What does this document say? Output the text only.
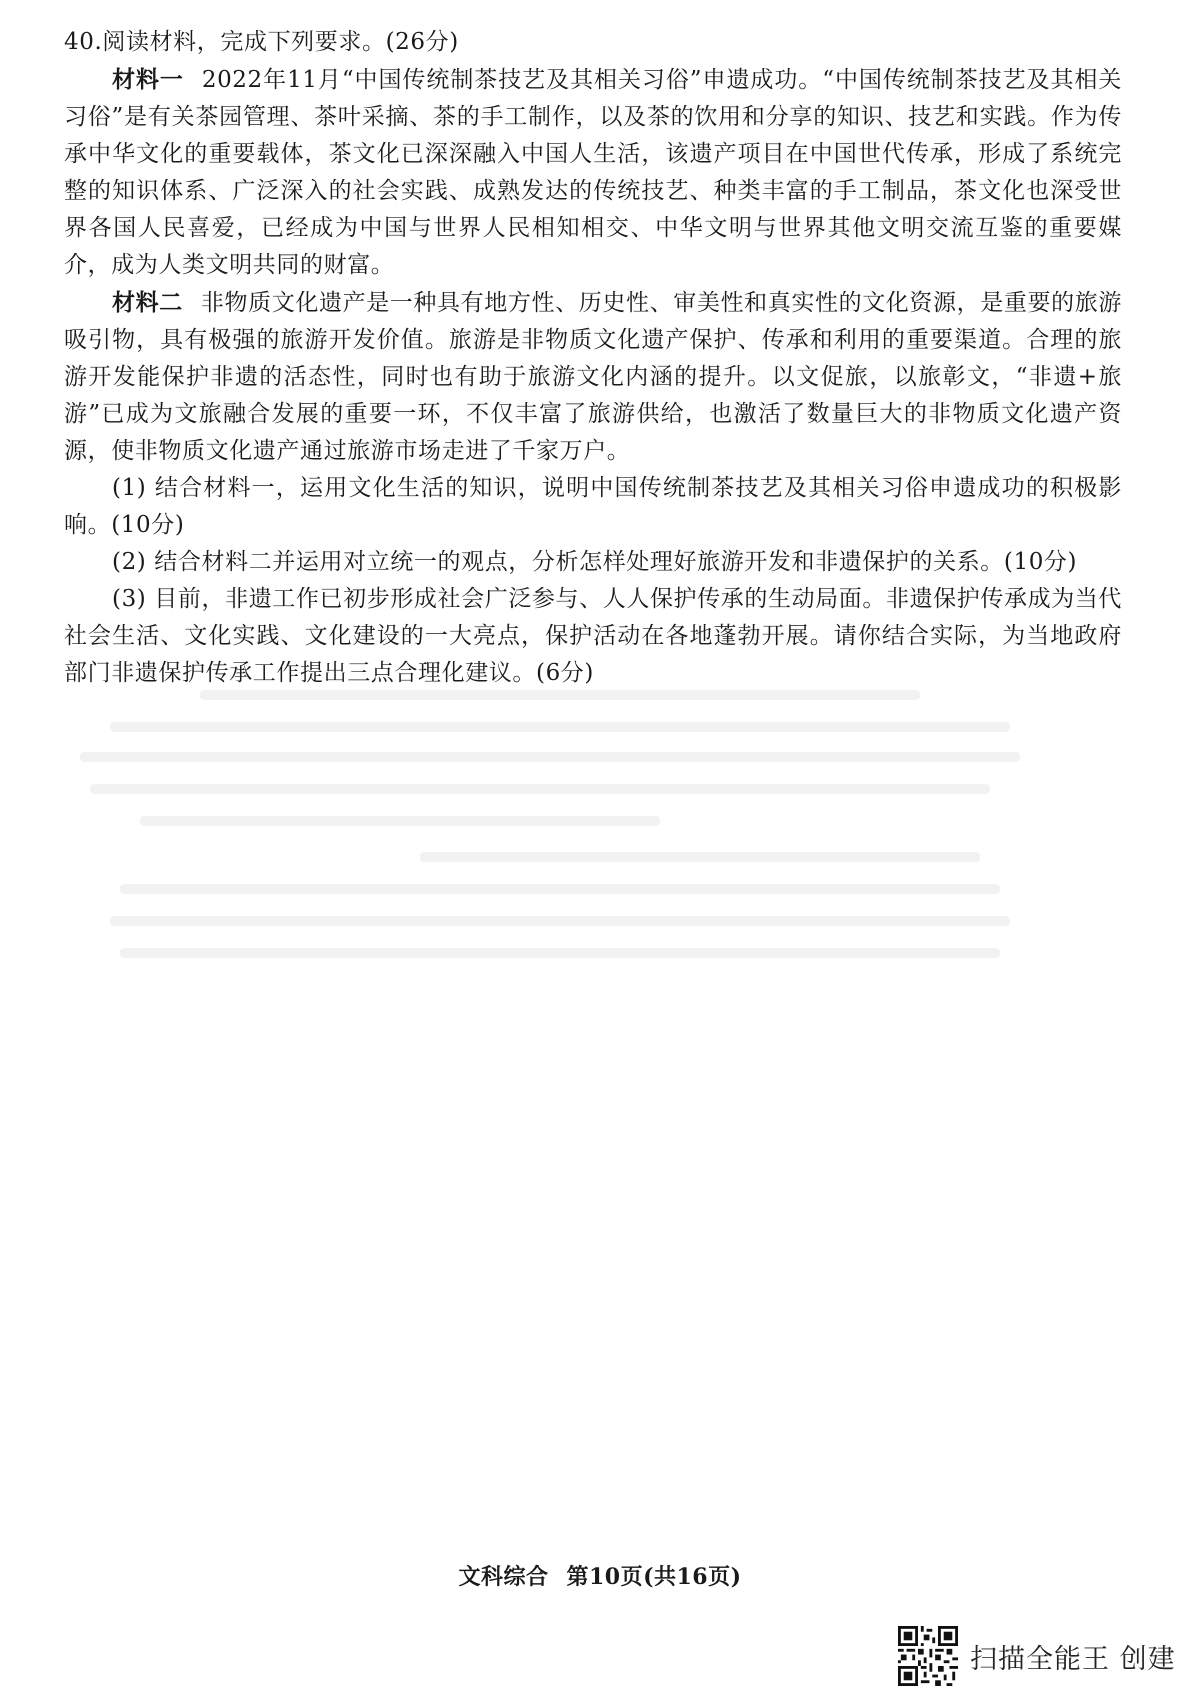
40.阅读材料，完成下列要求。(26分)

材料一 2022年11月“中国传统制茶技艺及其相关习俗”申遗成功。“中国传统制茶技艺及其相关习俗”是有关茶园管理、茶叶采摘、茶的手工制作，以及茶的饮用和分享的知识、技艺和实践。作为传承中华文化的重要载体，茶文化已深深融入中国人生活，该遗产项目在中国世代传承，形成了系统完整的知识体系、广泛深入的社会实践、成熟发达的传统技艺、种类丰富的手工制品，茶文化也深受世界各国人民喜爱，已经成为中国与世界人民相知相交、中华文明与世界其他文明交流互鉴的重要媒介，成为人类文明共同的财富。

材料二 非物质文化遗产是一种具有地方性、历史性、审美性和真实性的文化资源，是重要的旅游吸引物，具有极强的旅游开发价值。旅游是非物质文化遗产保护、传承和利用的重要渠道。合理的旅游开发能保护非遗的活态性，同时也有助于旅游文化内涵的提升。以文促旅，以旅彰文，“非遗+旅游”已成为文旅融合发展的重要一环，不仅丰富了旅游供给，也激活了数量巨大的非物质文化遗产资源，使非物质文化遗产通过旅游市场走进了千家万户。

(1) 结合材料一，运用文化生活的知识，说明中国传统制茶技艺及其相关习俗申遗成功的积极影响。(10分)

(2) 结合材料二并运用对立统一的观点，分析怎样处理好旅游开发和非遗保护的关系。(10分)

(3) 目前，非遗工作已初步形成社会广泛参与、人人保护传承的生动局面。非遗保护传承成为当代社会生活、文化实践、文化建设的一大亮点，保护活动在各地蓬勃开展。请你结合实际，为当地政府部门非遗保护传承工作提出三点合理化建议。(6分)

文科综合 第10页(共16页)
扫描全能王 创建
